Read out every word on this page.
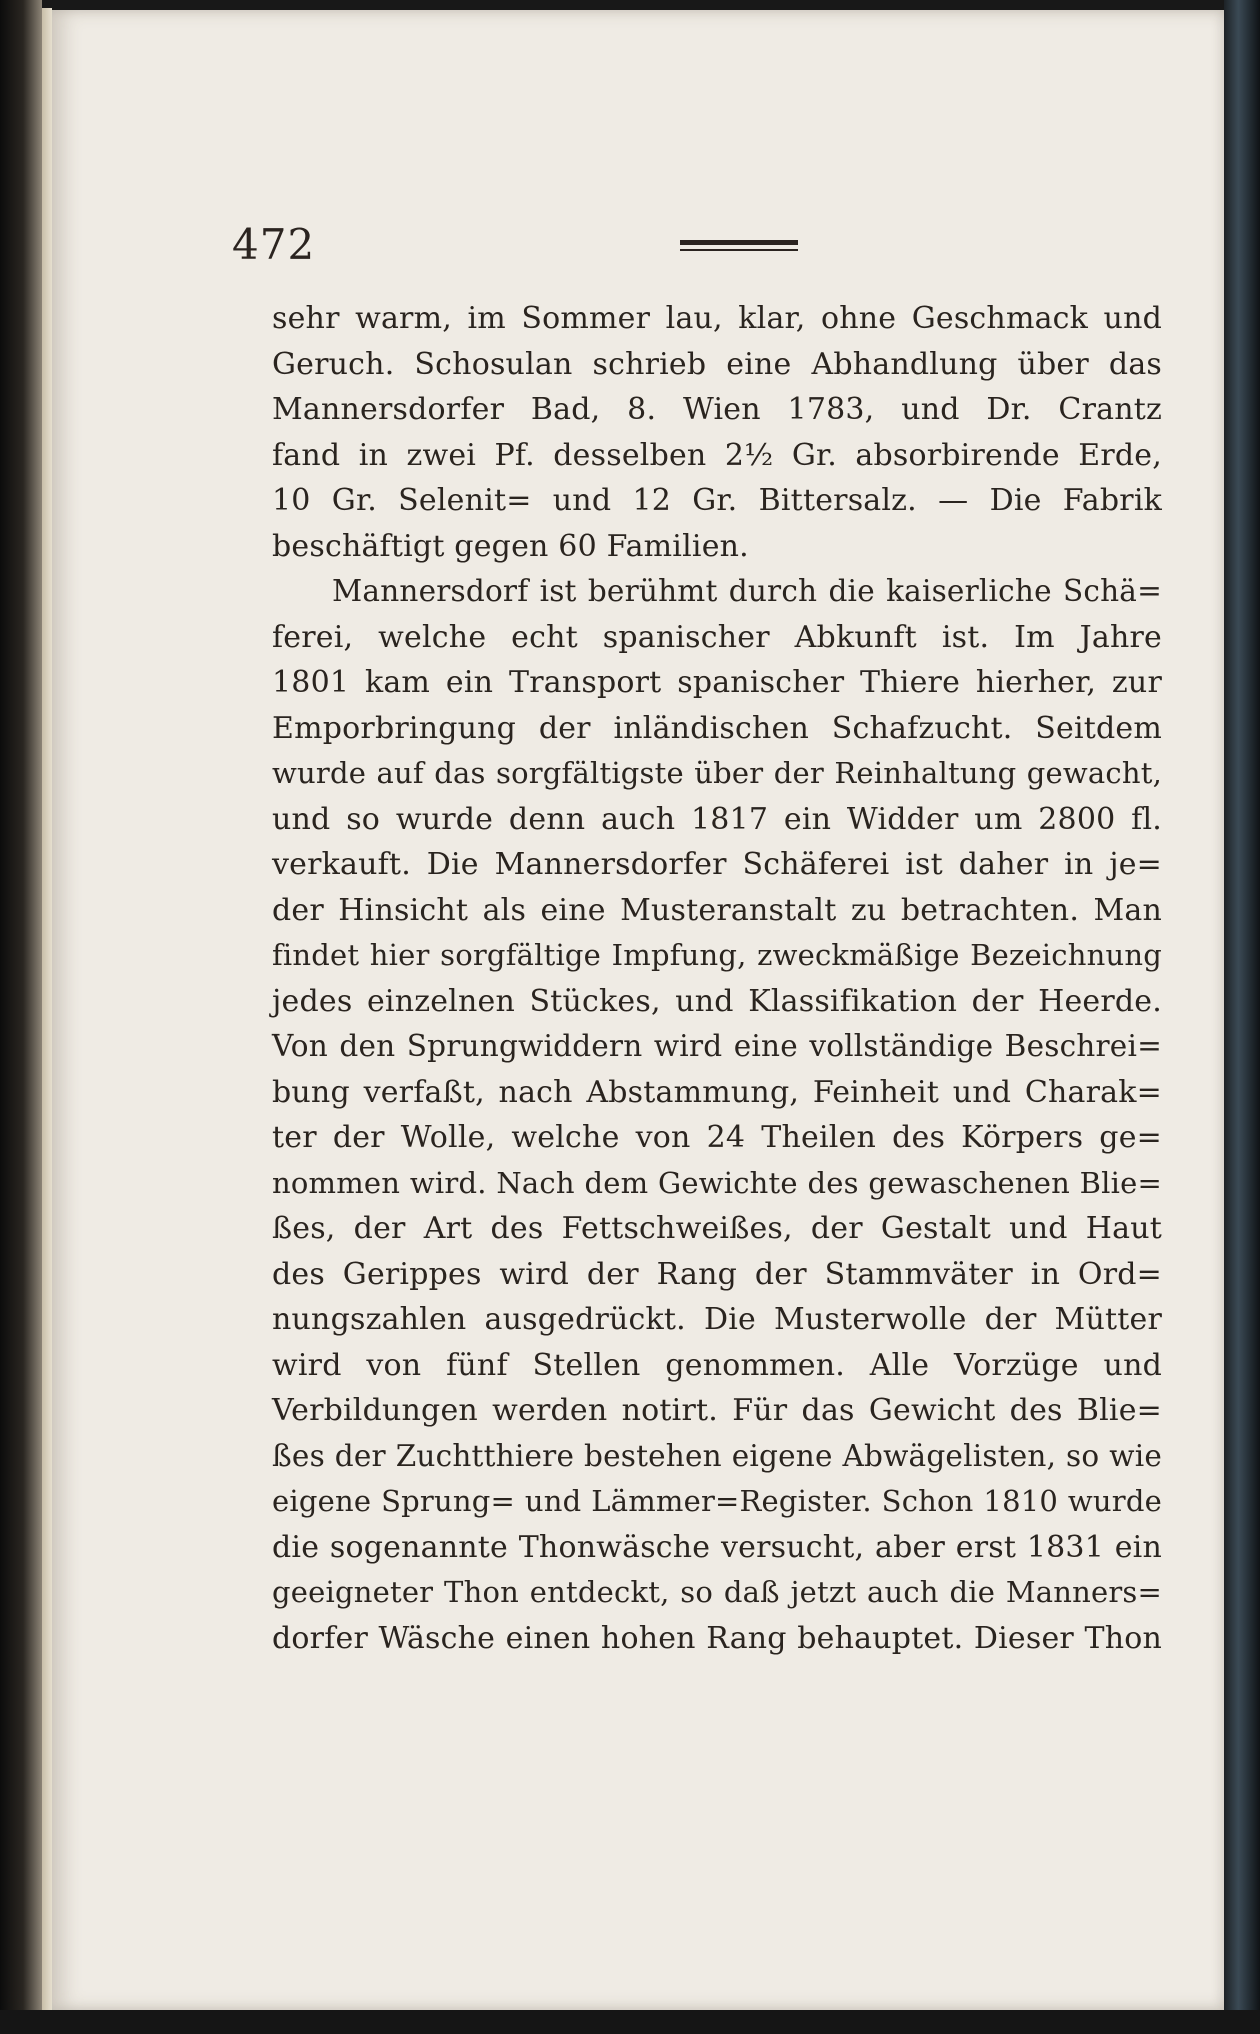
472
sehr warm, im Sommer lau, klar, ohne Geschmack und
Geruch. Schosulan schrieb eine Abhandlung über das
Mannersdorfer Bad, 8. Wien 1783, und Dr. Crantz
fand in zwei Pf. desselben 2½ Gr. absorbirende Erde,
10 Gr. Selenit= und 12 Gr. Bittersalz. — Die Fabrik
beschäftigt gegen 60 Familien.
Mannersdorf ist berühmt durch die kaiserliche Schä=
ferei, welche echt spanischer Abkunft ist. Im Jahre
1801 kam ein Transport spanischer Thiere hierher, zur
Emporbringung der inländischen Schafzucht. Seitdem
wurde auf das sorgfältigste über der Reinhaltung gewacht,
und so wurde denn auch 1817 ein Widder um 2800 fl.
verkauft. Die Mannersdorfer Schäferei ist daher in je=
der Hinsicht als eine Musteranstalt zu betrachten. Man
findet hier sorgfältige Impfung, zweckmäßige Bezeichnung
jedes einzelnen Stückes, und Klassifikation der Heerde.
Von den Sprungwiddern wird eine vollständige Beschrei=
bung verfaßt, nach Abstammung, Feinheit und Charak=
ter der Wolle, welche von 24 Theilen des Körpers ge=
nommen wird. Nach dem Gewichte des gewaschenen Blie=
ßes, der Art des Fettschweißes, der Gestalt und Haut
des Gerippes wird der Rang der Stammväter in Ord=
nungszahlen ausgedrückt. Die Musterwolle der Mütter
wird von fünf Stellen genommen. Alle Vorzüge und
Verbildungen werden notirt. Für das Gewicht des Blie=
ßes der Zuchtthiere bestehen eigene Abwägelisten, so wie
eigene Sprung= und Lämmer=Register. Schon 1810 wurde
die sogenannte Thonwäsche versucht, aber erst 1831 ein
geeigneter Thon entdeckt, so daß jetzt auch die Manners=
dorfer Wäsche einen hohen Rang behauptet. Dieser Thon
